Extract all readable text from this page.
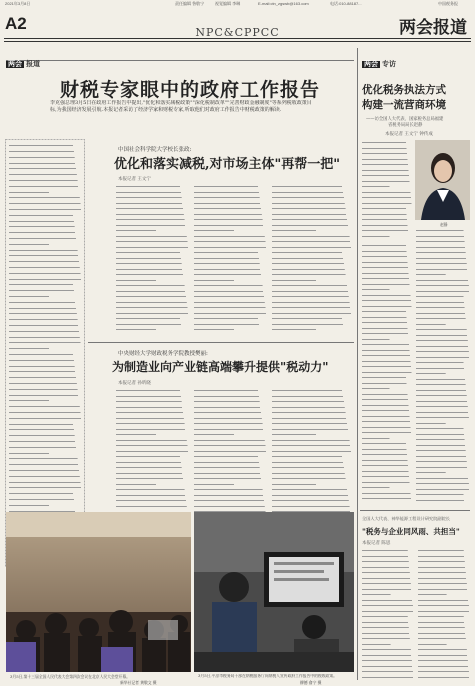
2021年3月8日	责任编辑 昝敬宁	视觉编辑 李琳	E-mail:ctn_zgswb@163.com	电话:010-88187...	中国税务报
A2	两会报道
NPC&CPPCC
两会 报道
财税专家眼中的政府工作报告
李克强总理3月5日在政府工作报告中提出,"优化和落实减税政策""深化税制改革""完善财政金融制度"等系列税收政策目标,为我国经济发展引航.本报记者采访了经济学家和财税专家,听取他们对政府工作报告中财税政策的解读.
中国社会科学院大学校长张政:
优化和落实减税,对市场主体"再帮一把"
本报记者 王文宁
中央财经大学财政税务学院教授樊丽:
为制造业向产业链高端攀升提供"税动力"
本报记者 孙昕晓
3月5日,第十三届全国人民代表大会第四次会议在北京人民大会堂开幕。
新华社记者 黄敬文 摄
3月5日,平凉市税务局干部在纳税服务厅向纳税人宣传政府工作报告中的税收政策。
柳德 俞宁 摄
两会 专访
优化税务执法方式
构建一流营商环境
——访全国人大代表、国家税务总局福建
省税务局局长赵静
本报记者 王文宁 钟传成
赵静
全国人大代表、神华能源工程设计研究院副院长
"税务与企业同风雨、共担当"
本报记者 陈思
